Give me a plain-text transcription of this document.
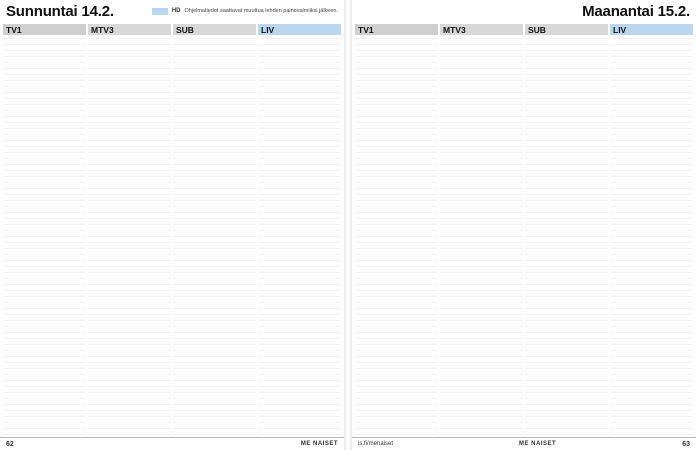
Sunnuntai 14.2.	HD Ohjelmatiedot saattavat muuttua lehden painovalmiiksi jälkeen.
TV1	MTV3	SUB	LIV
62	ME NAISET
Maanantai 15.2.
TV1	MTV3	SUB	LIV
is.fi/menaiset	ME NAISET	63
